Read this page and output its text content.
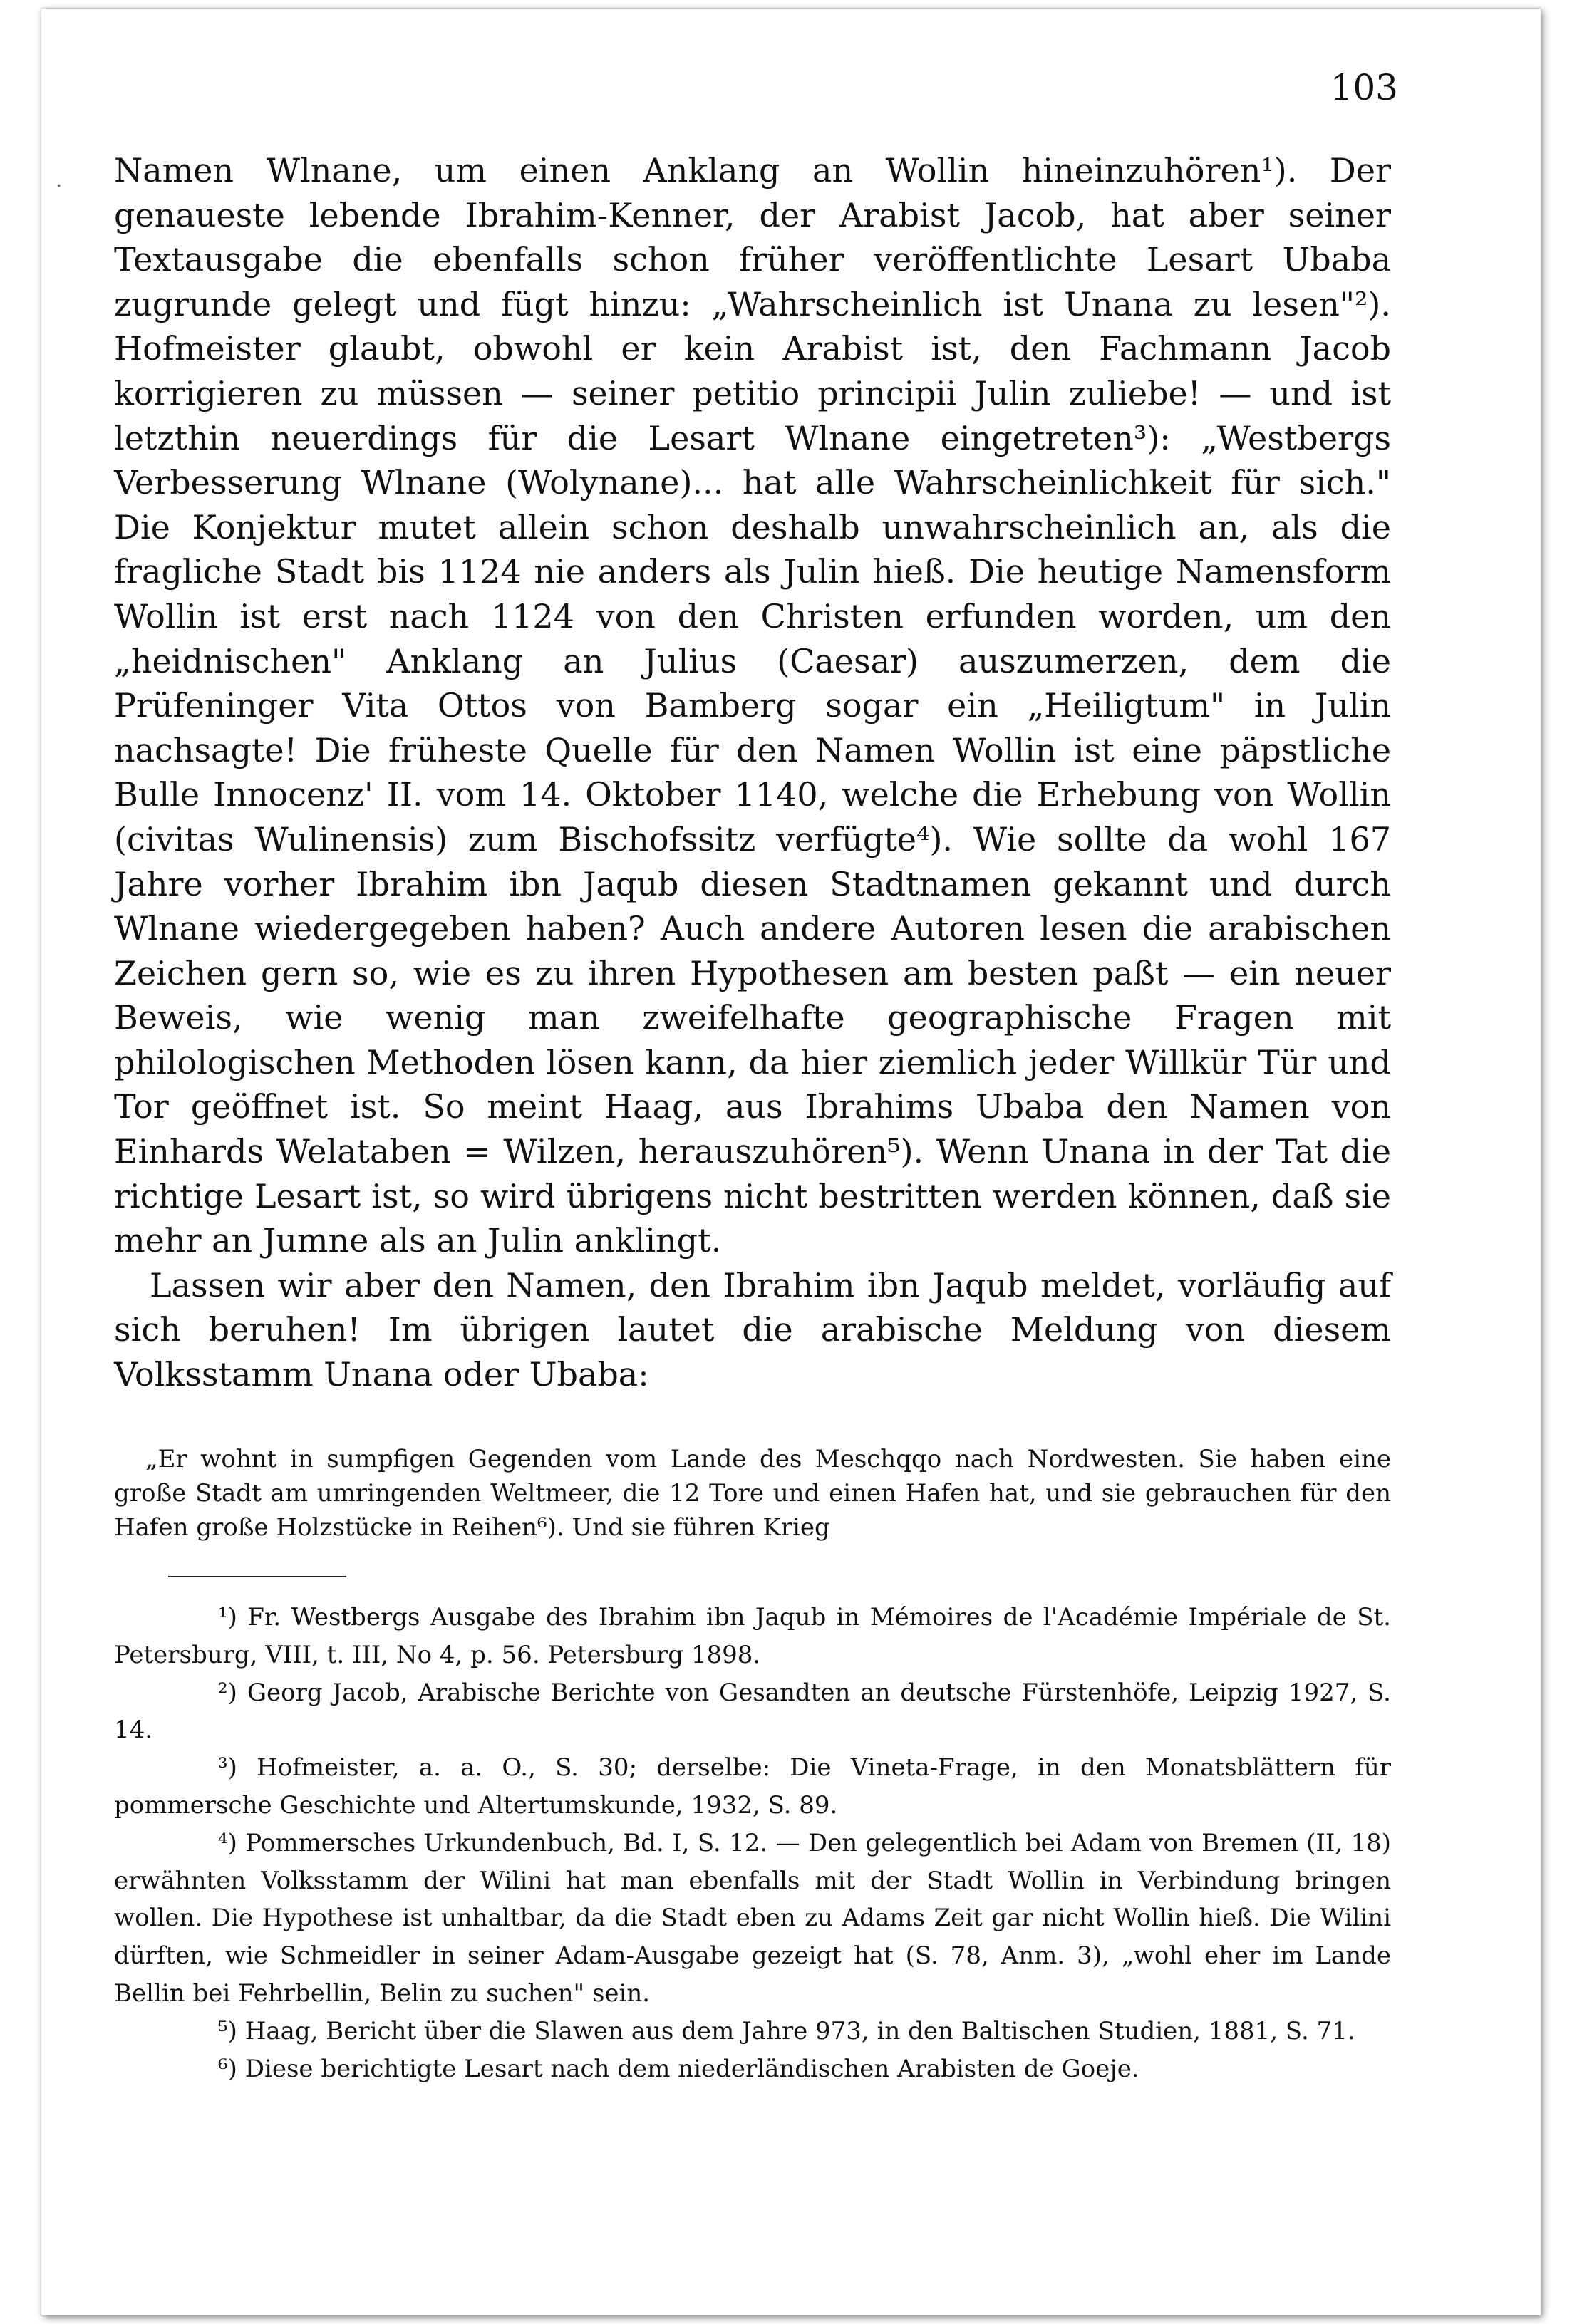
103
· Namen Wlnane, um einen Anklang an Wollin hineinzuhören¹). Der genaueste lebende Ibrahim-Kenner, der Arabist Jacob, hat aber seiner Textausgabe die ebenfalls schon früher veröffentlichte Lesart Ubaba zugrunde gelegt und fügt hinzu: „Wahrscheinlich ist Unana zu lesen"²). Hofmeister glaubt, obwohl er kein Arabist ist, den Fachmann Jacob korrigieren zu müssen — seiner petitio principii Julin zuliebe! — und ist letzthin neuerdings für die Lesart Wlnane eingetreten³): „Westbergs Verbesserung Wlnane (Wolynane)... hat alle Wahrscheinlichkeit für sich." Die Konjektur mutet allein schon deshalb unwahrscheinlich an, als die fragliche Stadt bis 1124 nie anders als Julin hieß. Die heutige Namensform Wollin ist erst nach 1124 von den Christen erfunden worden, um den „heidnischen" Anklang an Julius (Caesar) auszumerzen, dem die Prüfeninger Vita Ottos von Bamberg sogar ein „Heiligtum" in Julin nachsagte! Die früheste Quelle für den Namen Wollin ist eine päpstliche Bulle Innocenz' II. vom 14. Oktober 1140, welche die Erhebung von Wollin (civitas Wulinensis) zum Bischofssitz verfügte⁴). Wie sollte da wohl 167 Jahre vorher Ibrahim ibn Jaqub diesen Stadtnamen gekannt und durch Wlnane wiedergegeben haben? Auch andere Autoren lesen die arabischen Zeichen gern so, wie es zu ihren Hypothesen am besten paßt — ein neuer Beweis, wie wenig man zweifelhafte geographische Fragen mit philologischen Methoden lösen kann, da hier ziemlich jeder Willkür Tür und Tor geöffnet ist. So meint Haag, aus Ibrahims Ubaba den Namen von Einhards Welataben = Wilzen, herauszuhören⁵). Wenn Unana in der Tat die richtige Lesart ist, so wird übrigens nicht bestritten werden können, daß sie mehr an Jumne als an Julin anklingt.

Lassen wir aber den Namen, den Ibrahim ibn Jaqub meldet, vorläufig auf sich beruhen! Im übrigen lautet die arabische Meldung von diesem Volksstamm Unana oder Ubaba:

„Er wohnt in sumpfigen Gegenden vom Lande des Meschqqo nach Nordwesten. Sie haben eine große Stadt am umringenden Weltmeer, die 12 Tore und einen Hafen hat, und sie gebrauchen für den Hafen große Holzstücke in Reihen⁶). Und sie führen Krieg

¹) Fr. Westbergs Ausgabe des Ibrahim ibn Jaqub in Mémoires de l'Académie Impériale de St. Petersburg, VIII, t. III, No 4, p. 56. Petersburg 1898.

²) Georg Jacob, Arabische Berichte von Gesandten an deutsche Fürstenhöfe, Leipzig 1927, S. 14.

³) Hofmeister, a. a. O., S. 30; derselbe: Die Vineta-Frage, in den Monatsblättern für pommersche Geschichte und Altertumskunde, 1932, S. 89.

⁴) Pommersches Urkundenbuch, Bd. I, S. 12. — Den gelegentlich bei Adam von Bremen (II, 18) erwähnten Volksstamm der Wilini hat man ebenfalls mit der Stadt Wollin in Verbindung bringen wollen. Die Hypothese ist unhaltbar, da die Stadt eben zu Adams Zeit gar nicht Wollin hieß. Die Wilini dürften, wie Schmeidler in seiner Adam-Ausgabe gezeigt hat (S. 78, Anm. 3), „wohl eher im Lande Bellin bei Fehrbellin, Belin zu suchen" sein.

⁵) Haag, Bericht über die Slawen aus dem Jahre 973, in den Baltischen Studien, 1881, S. 71.

⁶) Diese berichtigte Lesart nach dem niederländischen Arabisten de Goeje.
